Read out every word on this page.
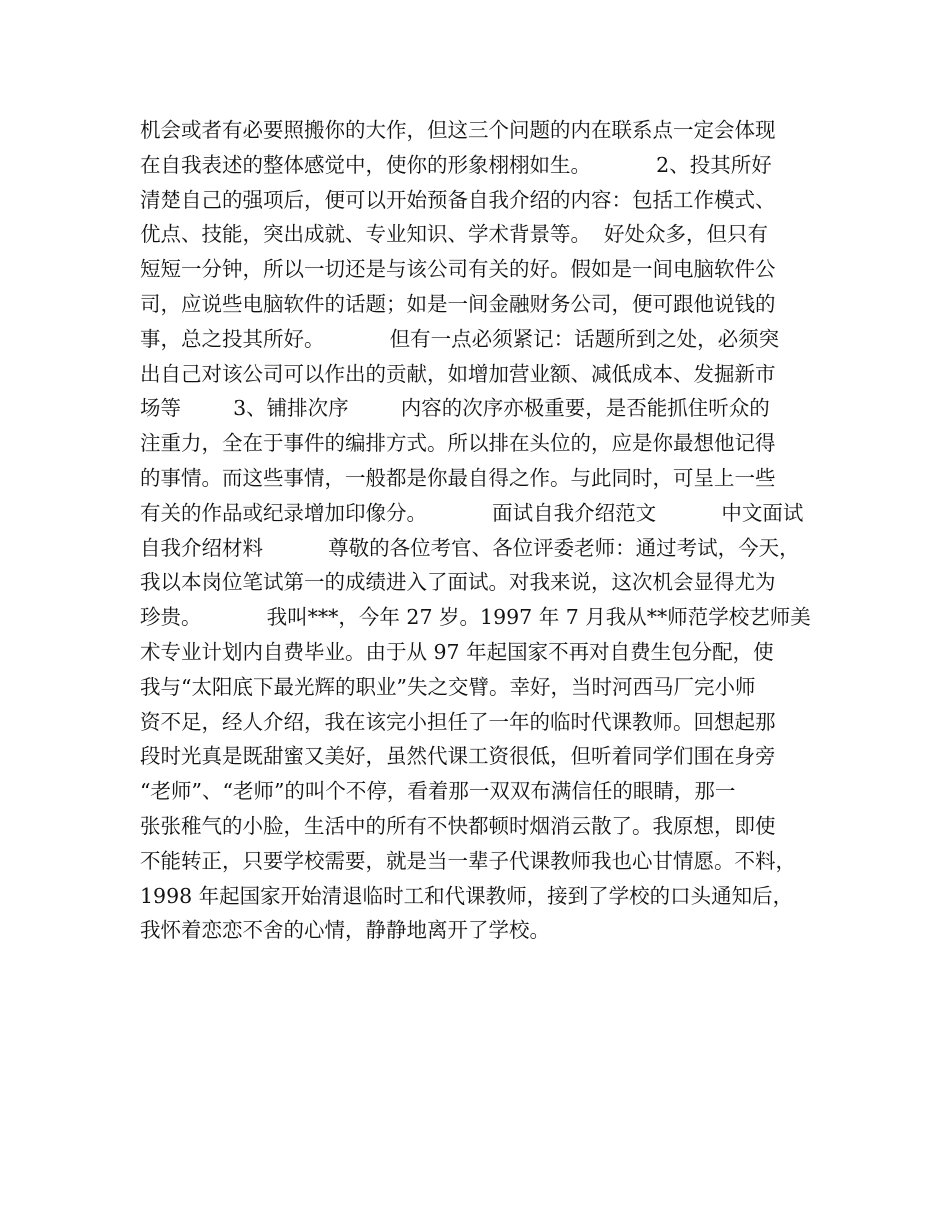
机会或者有必要照搬你的大作，但这三个问题的内在联系点一定会体现
在自我表述的整体感觉中，使你的形象栩栩如生。          2、投其所好
清楚自己的强项后，便可以开始预备自我介绍的内容：包括工作模式、
优点、技能，突出成就、专业知识、学术背景等。  好处众多，但只有
短短一分钟，所以一切还是与该公司有关的好。假如是一间电脑软件公
司，应说些电脑软件的话题；如是一间金融财务公司，便可跟他说钱的
事，总之投其所好。          但有一点必须紧记：话题所到之处，必须突
出自己对该公司可以作出的贡献，如增加营业额、减低成本、发掘新市
场等        3、铺排次序        内容的次序亦极重要，是否能抓住听众的
注重力，全在于事件的编排方式。所以排在头位的，应是你最想他记得
的事情。而这些事情，一般都是你最自得之作。与此同时，可呈上一些
有关的作品或纪录增加印像分。          面试自我介绍范文          中文面试
自我介绍材料          尊敬的各位考官、各位评委老师：通过考试，今天，
我以本岗位笔试第一的成绩进入了面试。对我来说，这次机会显得尤为
珍贵。          我叫***，今年 27 岁。1997 年 7 月我从**师范学校艺师美
术专业计划内自费毕业。由于从 97 年起国家不再对自费生包分配，使
我与“太阳底下最光辉的职业”失之交臂。幸好，当时河西马厂完小师
资不足，经人介绍，我在该完小担任了一年的临时代课教师。回想起那
段时光真是既甜蜜又美好，虽然代课工资很低，但听着同学们围在身旁
“老师”、“老师”的叫个不停，看着那一双双布满信任的眼睛，那一
张张稚气的小脸，生活中的所有不快都顿时烟消云散了。我原想，即使
不能转正，只要学校需要，就是当一辈子代课教师我也心甘情愿。不料，
1998 年起国家开始清退临时工和代课教师，接到了学校的口头通知后，
我怀着恋恋不舍的心情，静静地离开了学校。
